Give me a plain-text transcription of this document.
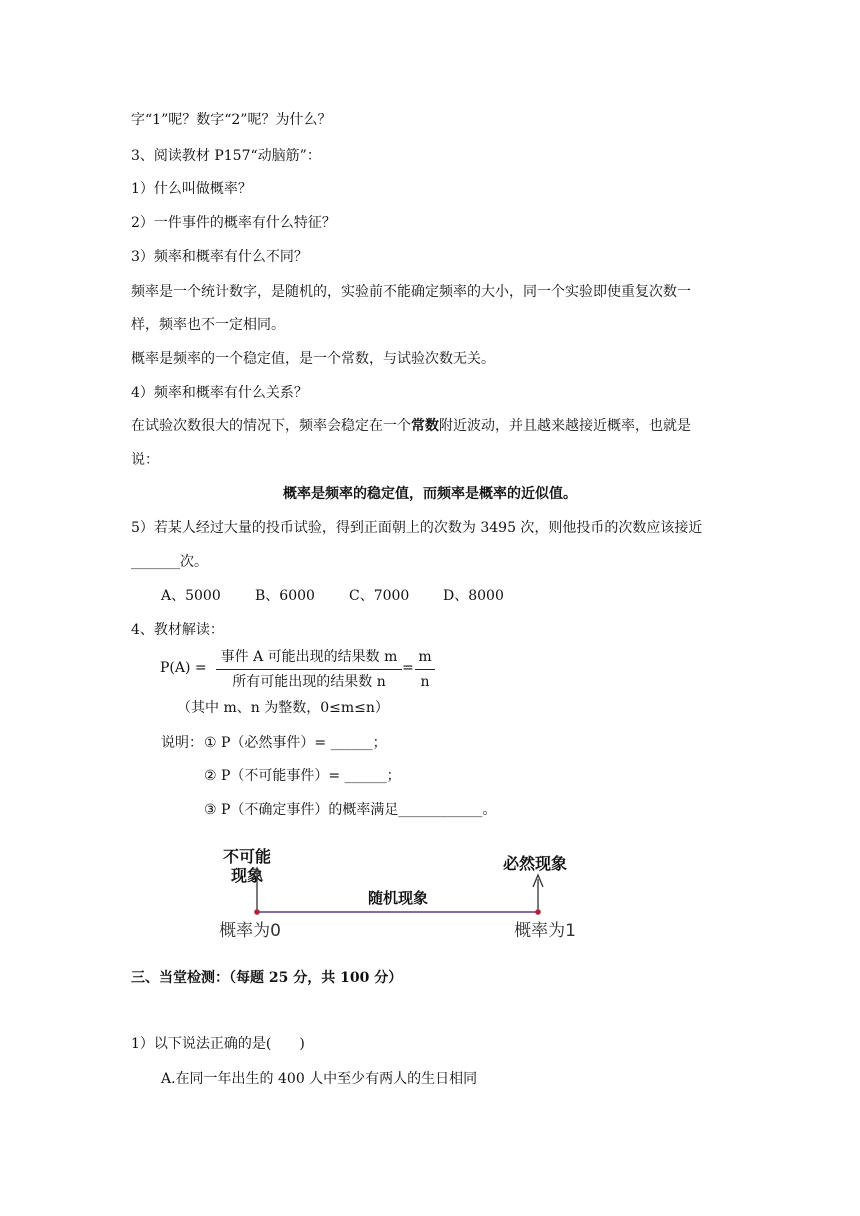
字“1”呢？数字“2”呢？为什么？
3、阅读教材 P157“动脑筋”：
1）什么叫做概率？
2）一件事件的概率有什么特征？
3）频率和概率有什么不同？
频率是一个统计数字，是随机的，实验前不能确定频率的大小，同一个实验即使重复次数一
样，频率也不一定相同。
概率是频率的一个稳定值，是一个常数，与试验次数无关。
4）频率和概率有什么关系？
在试验次数很大的情况下，频率会稳定在一个常数附近波动，并且越来越接近概率，也就是
说：
概率是频率的稳定值，而频率是概率的近似值。
5）若某人经过大量的投币试验，得到正面朝上的次数为 3495 次，则他投币的次数应该接近
_______次。
A、5000 B、6000 C、7000 D、8000
4、教材解读：
P(A) =
事件 A 可能出现的结果数 m
所有可能出现的结果数 n
=
m
n
（其中 m、n 为整数，0≤m≤n）
说明： ① P（必然事件）= ______；
② P（不可能事件）= ______；
③ P（不确定事件）的概率满足____________。
不可能
现象
必然现象
随机现象
概率为0	概率为1
三、当堂检测：（每题 25 分，共 100 分）
1）以下说法正确的是(　　)
A.在同一年出生的 400 人中至少有两人的生日相同
